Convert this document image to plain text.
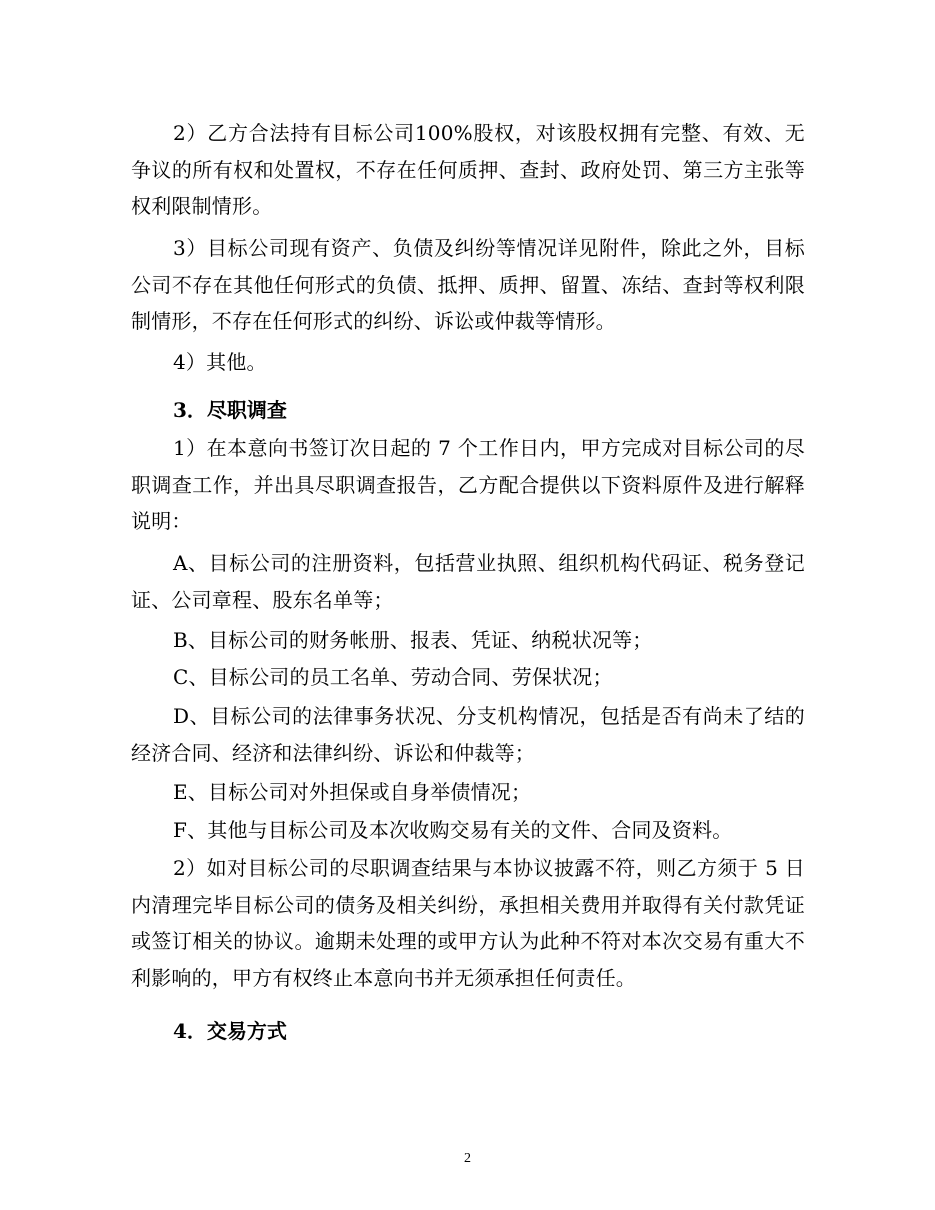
2）乙方合法持有目标公司100%股权，对该股权拥有完整、有效、无争议的所有权和处置权，不存在任何质押、查封、政府处罚、第三方主张等权利限制情形。

3）目标公司现有资产、负债及纠纷等情况详见附件，除此之外，目标公司不存在其他任何形式的负债、抵押、质押、留置、冻结、查封等权利限制情形，不存在任何形式的纠纷、诉讼或仲裁等情形。

4）其他。

3．尽职调查

1）在本意向书签订次日起的 7 个工作日内，甲方完成对目标公司的尽职调查工作，并出具尽职调查报告，乙方配合提供以下资料原件及进行解释说明：

A、目标公司的注册资料，包括营业执照、组织机构代码证、税务登记证、公司章程、股东名单等；

B、目标公司的财务帐册、报表、凭证、纳税状况等；

C、目标公司的员工名单、劳动合同、劳保状况；

D、目标公司的法律事务状况、分支机构情况，包括是否有尚未了结的经济合同、经济和法律纠纷、诉讼和仲裁等；

E、目标公司对外担保或自身举债情况；

F、其他与目标公司及本次收购交易有关的文件、合同及资料。

2）如对目标公司的尽职调查结果与本协议披露不符，则乙方须于 5 日内清理完毕目标公司的债务及相关纠纷，承担相关费用并取得有关付款凭证或签订相关的协议。逾期未处理的或甲方认为此种不符对本次交易有重大不利影响的，甲方有权终止本意向书并无须承担任何责任。

4．交易方式

2
